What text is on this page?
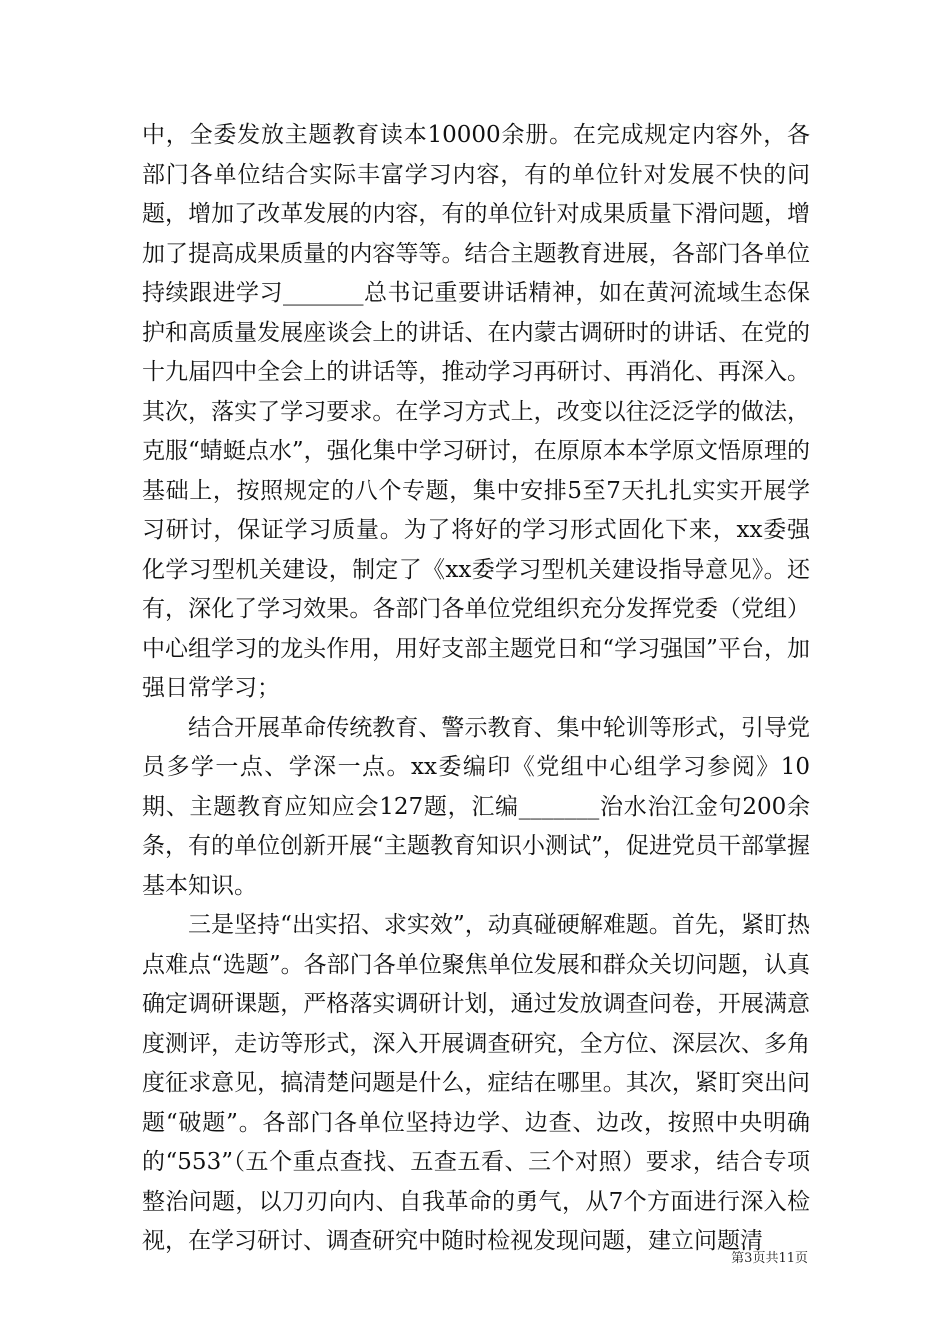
中，全委发放主题教育读本10000余册。在完成规定内容外，各部门各单位结合实际丰富学习内容，有的单位针对发展不快的问题，增加了改革发展的内容，有的单位针对成果质量下滑问题，增加了提高成果质量的内容等等。结合主题教育进展，各部门各单位持续跟进学习_______总书记重要讲话精神，如在黄河流域生态保护和高质量发展座谈会上的讲话、在内蒙古调研时的讲话、在党的十九届四中全会上的讲话等，推动学习再研讨、再消化、再深入。其次，落实了学习要求。在学习方式上，改变以往泛泛学的做法，克服“蜻蜓点水”，强化集中学习研讨，在原原本本学原文悟原理的基础上，按照规定的八个专题，集中安排5至7天扎扎实实开展学习研讨，保证学习质量。为了将好的学习形式固化下来，xx委强化学习型机关建设，制定了《xx委学习型机关建设指导意见》。还有，深化了学习效果。各部门各单位党组织充分发挥党委（党组）中心组学习的龙头作用，用好支部主题党日和“学习强国”平台，加强日常学习；

结合开展革命传统教育、警示教育、集中轮训等形式，引导党员多学一点、学深一点。xx委编印《党组中心组学习参阅》10期、主题教育应知应会127题，汇编_______治水治江金句200余条，有的单位创新开展“主题教育知识小测试”，促进党员干部掌握基本知识。

三是坚持“出实招、求实效”，动真碰硬解难题。首先，紧盯热点难点“选题”。各部门各单位聚焦单位发展和群众关切问题，认真确定调研课题，严格落实调研计划，通过发放调查问卷，开展满意度测评，走访等形式，深入开展调查研究，全方位、深层次、多角度征求意见，搞清楚问题是什么，症结在哪里。其次，紧盯突出问题“破题”。各部门各单位坚持边学、边查、边改，按照中央明确的“553”（五个重点查找、五查五看、三个对照）要求，结合专项整治问题，以刀刃向内、自我革命的勇气，从7个方面进行深入检视，在学习研讨、调查研究中随时检视发现问题，建立问题清

第3页共11页
